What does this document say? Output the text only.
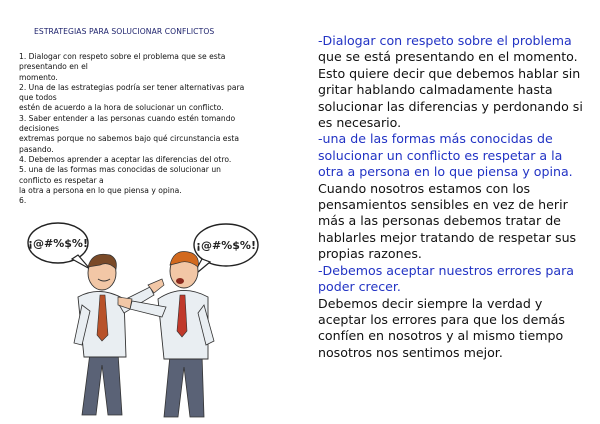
ESTRATEGIAS PARA SOLUCIONAR CONFLICTOS
1. Dialogar con respeto sobre el problema que se esta
presentando en el
momento.
2. Una de las estrategias podría ser tener alternativas para
que todos
estén de acuerdo a la hora de solucionar un conflicto.
3. Saber entender a las personas cuando estén tomando
decisiones
extremas porque no sabemos bajo qué circunstancia esta
pasando.
4. Debemos aprender a aceptar las diferencias del otro.
5. una de las formas mas conocidas de solucionar un
conflicto es respetar a
la otra a persona en lo que piensa y opina.
6.
¡@#%$%!	¡@#%$%!
-Dialogar con respeto sobre el problema
que se está presentando en el momento.
Esto quiere decir que debemos hablar sin
gritar hablando calmadamente hasta
solucionar las diferencias y perdonando si
es necesario.
-una de las formas más conocidas de
solucionar un conflicto es respetar a la
otra a persona en lo que piensa y opina.
Cuando nosotros estamos con los
pensamientos sensibles en vez de herir
más a las personas debemos tratar de
hablarles mejor tratando de respetar sus
propias razones.
-Debemos aceptar nuestros errores para
poder crecer.
Debemos decir siempre la verdad y
aceptar los errores para que los demás
confíen en nosotros y al mismo tiempo
nosotros nos sentimos mejor.
